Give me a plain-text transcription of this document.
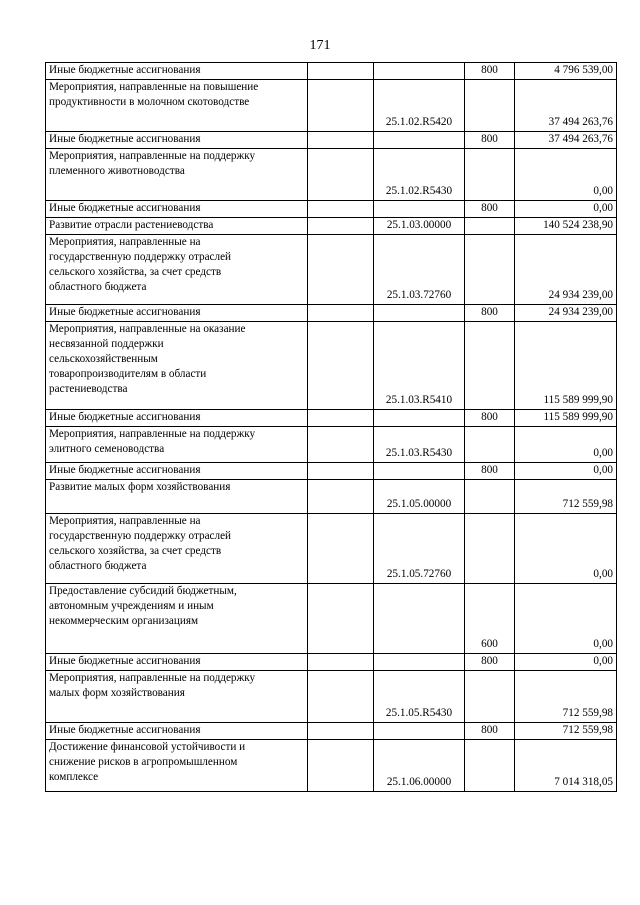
171
Иные бюджетные ассигнования			800	4 796 539,00
Мероприятия, направленные на повышение
продуктивности в молочном скотоводстве		25.1.02.R5420		37 494 263,76
Иные бюджетные ассигнования			800	37 494 263,76
Мероприятия, направленные на поддержку
племенного животноводства		25.1.02.R5430		0,00
Иные бюджетные ассигнования			800	0,00
Развитие отрасли растениеводства		25.1.03.00000		140 524 238,90
Мероприятия, направленные на
государственную поддержку отраслей
сельского хозяйства, за счет средств
областного бюджета		25.1.03.72760		24 934 239,00
Иные бюджетные ассигнования			800	24 934 239,00
Мероприятия, направленные на оказание
несвязанной поддержки
сельскохозяйственным
товаропроизводителям в области
растениеводства		25.1.03.R5410		115 589 999,90
Иные бюджетные ассигнования			800	115 589 999,90
Мероприятия, направленные на поддержку
элитного семеноводства		25.1.03.R5430		0,00
Иные бюджетные ассигнования			800	0,00
Развитие малых форм хозяйствования		25.1.05.00000		712 559,98
Мероприятия, направленные на
государственную поддержку отраслей
сельского хозяйства, за счет средств
областного бюджета		25.1.05.72760		0,00
Предоставление субсидий бюджетным,
автономным учреждениям и иным
некоммерческим организациям			600	0,00
Иные бюджетные ассигнования			800	0,00
Мероприятия, направленные на поддержку
малых форм хозяйствования		25.1.05.R5430		712 559,98
Иные бюджетные ассигнования			800	712 559,98
Достижение финансовой устойчивости и
снижение рисков в агропромышленном
комплексе		25.1.06.00000		7 014 318,05
